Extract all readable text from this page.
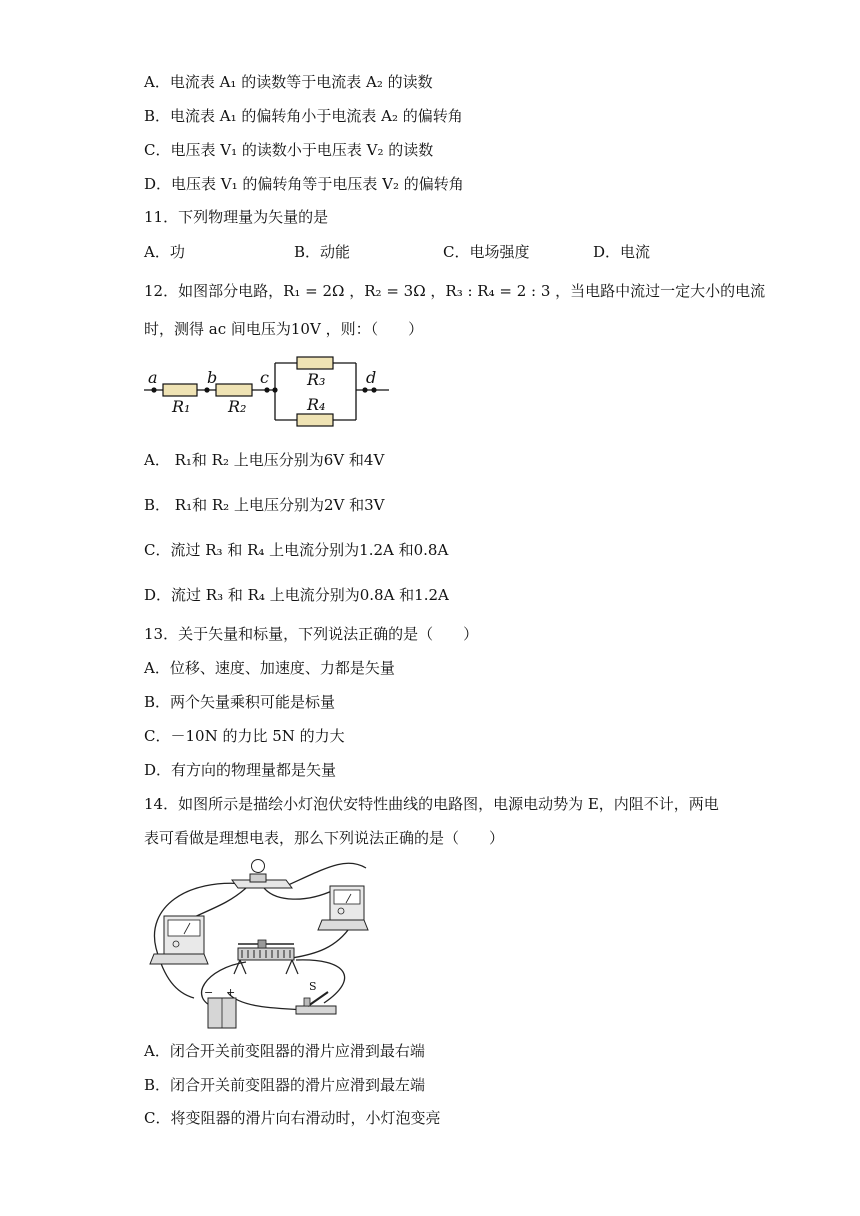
A．电流表 A₁ 的读数等于电流表 A₂ 的读数
B．电流表 A₁ 的偏转角小于电流表 A₂ 的偏转角
C．电压表 V₁ 的读数小于电压表 V₂ 的读数
D．电压表 V₁ 的偏转角等于电压表 V₂ 的偏转角
11．下列物理量为矢量的是
A．功	B．动能	C．电场强度	D．电流
12．如图部分电路，R₁ = 2Ω ，R₂ = 3Ω ，R₃ : R₄ = 2 : 3 ，当电路中流过一定大小的电流
时，测得 ac 间电压为10V ，则：（　　）
a	b	c	d
R₁ R₂
R₃
R₄
A． R₁和 R₂ 上电压分别为6V 和4V
B． R₁和 R₂ 上电压分别为2V 和3V
C．流过 R₃ 和 R₄ 上电流分别为1.2A 和0.8A
D．流过 R₃ 和 R₄ 上电流分别为0.8A 和1.2A
13．关于矢量和标量，下列说法正确的是（　　）
A．位移、速度、加速度、力都是矢量
B．两个矢量乘积可能是标量
C．－10N 的力比 5N 的力大
D．有方向的物理量都是矢量
14．如图所示是描绘小灯泡伏安特性曲线的电路图，电源电动势为 E，内阻不计，两电
表可看做是理想电表，那么下列说法正确的是（　　）
− +	S
A．闭合开关前变阻器的滑片应滑到最右端
B．闭合开关前变阻器的滑片应滑到最左端
C．将变阻器的滑片向右滑动时，小灯泡变亮
